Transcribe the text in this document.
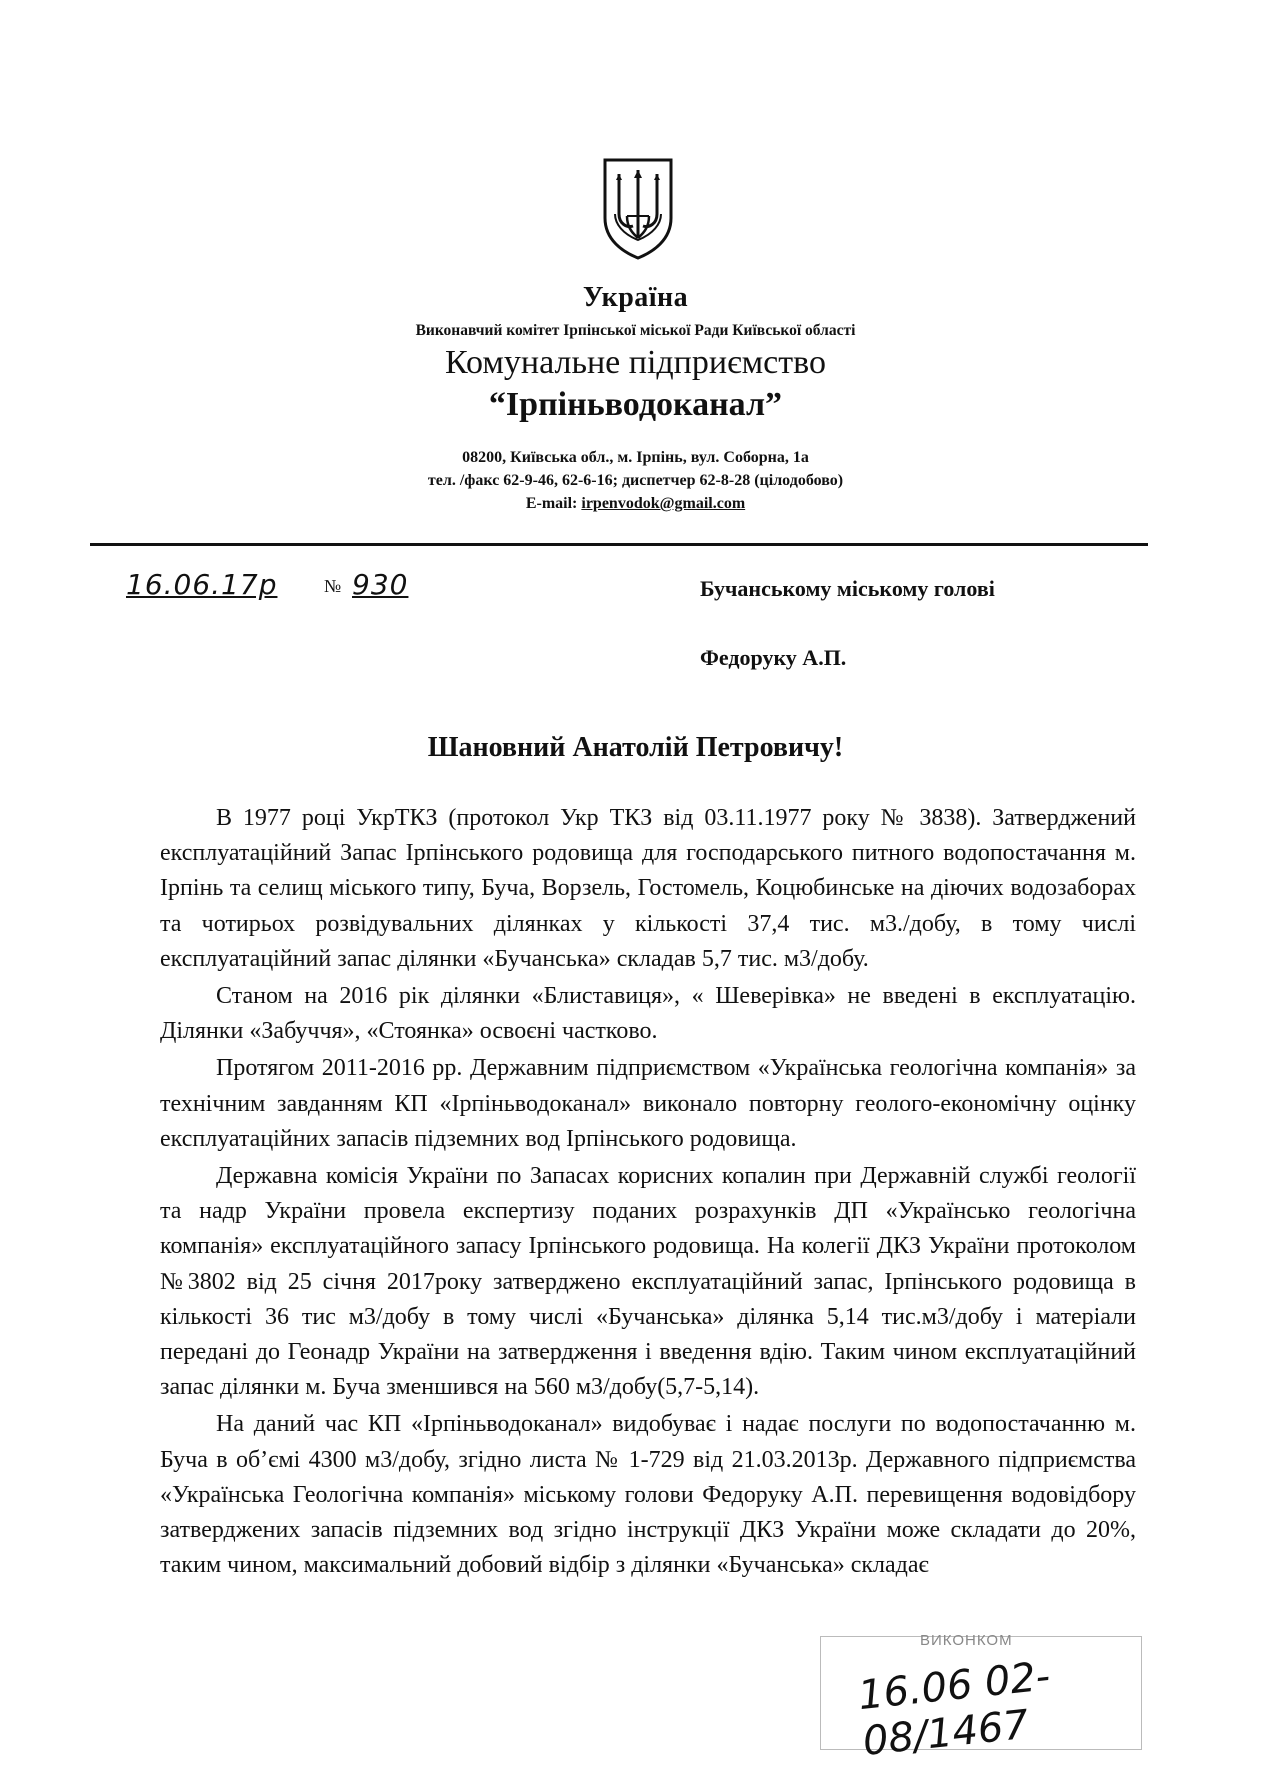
Україна
Виконавчий комітет Ірпінської міської Ради Київської області
Комунальне підприємство
“Ірпіньводоканал”
08200, Київська обл., м. Ірпінь, вул. Соборна, 1а
тел. /факс 62-9-46, 62-6-16; диспетчер 62-8-28 (цілодобово)
E-mail: irpenvodok@gmail.com
16.06.17р	№ 930	Бучанському міському голові
Федоруку А.П.
Шановний Анатолій Петровичу!

В 1977 році УкрТКЗ (протокол Укр ТКЗ від 03.11.1977 року № 3838). Затверджений експлуатаційний Запас Ірпінського родовища для господарського питного водопостачання м. Ірпінь та селищ міського типу, Буча, Ворзель, Гостомель, Коцюбинське на діючих водозаборах та чотирьох розвідувальних ділянках у кількості 37,4 тис. м3./добу, в тому числі експлуатаційний запас ділянки «Бучанська» складав 5,7 тис. м3/добу.

Станом на 2016 рік ділянки «Блиставиця», « Шеверівка» не введені в експлуатацію. Ділянки «Забуччя», «Стоянка» освоєні частково.

Протягом 2011-2016 рр. Державним підприємством «Українська геологічна компанія» за технічним завданням КП «Ірпіньводоканал» виконало повторну геолого-економічну оцінку експлуатаційних запасів підземних вод Ірпінського родовища.

Державна комісія України по Запасах корисних копалин при Державній службі геології та надр України провела експертизу поданих розрахунків ДП «Українсько геологічна компанія» експлуатаційного запасу Ірпінського родовища. На колегії ДКЗ України протоколом №3802 від 25 січня 2017року затверджено експлуатаційний запас, Ірпінського родовища в кількості 36 тис м3/добу в тому числі «Бучанська» ділянка 5,14 тис.м3/добу і матеріали передані до Геонадр України на затвердження і введення вдію. Таким чином експлуатаційний запас ділянки м. Буча зменшився на 560 м3/добу(5,7-5,14).

На даний час КП «Ірпіньводоканал» видобуває і надає послуги по водопостачанню м. Буча в об’ємі 4300 м3/добу, згідно листа № 1-729 від 21.03.2013р. Державного підприємства «Українська Геологічна компанія» міському голови Федоруку А.П. перевищення водовідбору затверджених запасів підземних вод згідно інструкції ДКЗ України може складати до 20%, таким чином, максимальний добовий відбір з ділянки «Бучанська» складає

ВИКОНКОМ
16.06 02-08/1467
